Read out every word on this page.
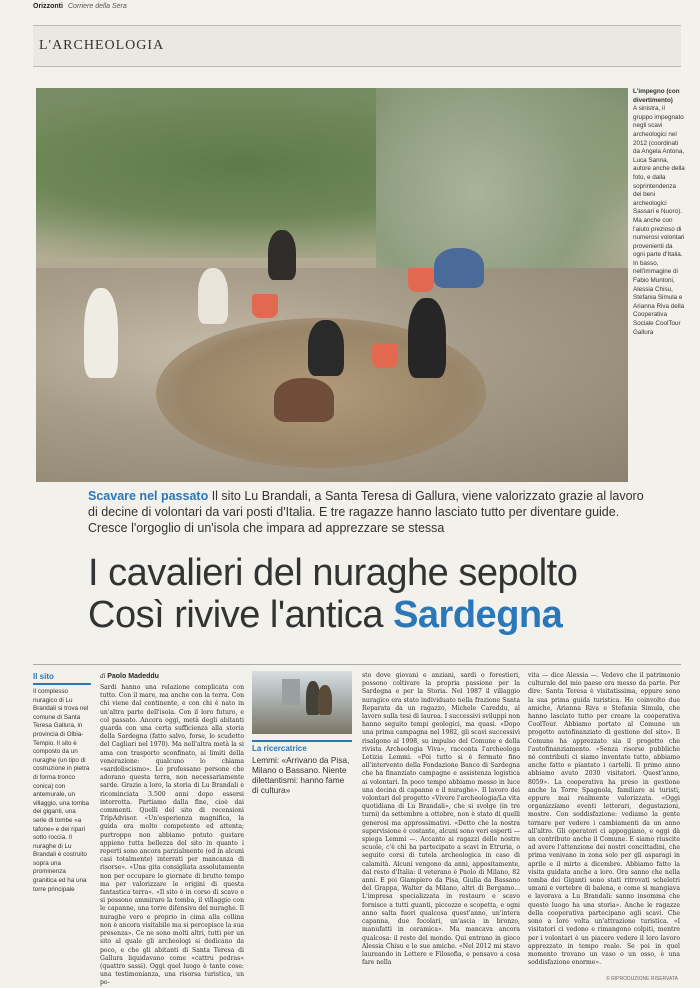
Orizzonti Corriere della Sera
L'ARCHEOLOGIA
L'impegno (con divertimento)
A sinistra, il gruppo impegnato negli scavi archeologici nel 2012 (coordinati da Angela Antona, Luca Sanna, autore anche della foto, e dalla soprintendenza dei beni archeologici Sassari e Nuoro). Ma anche con l'aiuto prezioso di numerosi volontari provenienti da ogni parte d'Italia. In basso, nell'immagine di Fabio Muntoni, Alessia Chisu, Stefania Simula e Arianna Riva della Cooperativa Sociale CoolTour Gallura
Scavare nel passato Il sito Lu Brandali, a Santa Teresa di Gallura, viene valorizzato grazie al lavoro di decine di volontari da vari posti d'Italia. E tre ragazze hanno lasciato tutto per diventare guide. Cresce l'orgoglio di un'isola che impara ad apprezzare se stessa
I cavalieri del nuraghe sepolto
Così rivive l'antica Sardegna
Il sito
Il complesso nuragico di Lu Brandali si trova nel comune di Santa Teresa Gallura, in provincia di Olbia-Tempio. Il sito è composto da un nuraghe (un tipo di costruzione in pietra di forma tronco conica) con antemurale, un villaggio, una tomba dei giganti, una serie di tombe «a tafone» e dei ripari sotto roccia. Il nuraghe di Lu Brandali è costruito sopra una prominenza granitica ed ha una torre principale
di Paolo Madeddu
Sardi hanno una relazione complicata con tutto. Con il mare, ma anche con la terra. Con chi viene dal continente, e con chi è nato in un'altra parte dell'isola. Con il loro futuro, e col passato. Ancora oggi, metà degli abitanti guarda con una certa sufficienza alla storia della Sardegna (fatto salvo, forse, lo scudetto del Cagliari nel 1970). Ma nell'altra metà la si ama con trasporto sconfinato, ai limiti della venerazione: qualcuno lo chiama «sardoliscismo». Lo professano persone che adorano questa terra, non necessariamente sarde. Grazie a loro, la storia di Lu Brandali è ricominciata 3.500 anni dopo essersi interrotta. Partiamo dalla fine, cioè dai commenti. Quelli del sito di recensioni TripAdvisor. «Un'esperienza magnifica, la guida era molto competente ed attenta; purtroppo non abbiamo potuto gustare appieno tutta bellezza del sito in quanto i reperti sono ancora parzialmente (ed in alcuni casi totalmente) interrati per mancanza di risorse». «Una gita consigliata assolutamente non per occupare le giornate di brutto tempo ma per valorizzare le origini di questa fantastica terra». «Il sito è in corso di scavo e si possono ammirare la tomba, il villaggio con le capanne, una torre difensiva del nuraghe. Il nuraghe vero e proprio in cima alla collina non è ancora visitabile ma si percepisce la sua presenza». Ce ne sono molti altri, tutti per un sito al quale gli archeologi si dedicano da poco, e che gli abitanti di Santa Teresa di Gallura liquidavano come «cattru pedras» (quattro sassi). Oggi quel luogo è tante cose: una testimonianza, una risorsa turistica, un po-
La ricercatrice
Lemmi: «Arrivano da Pisa, Milano o Bassano. Niente dilettantismi: hanno fame di cultura»
sto dove giovani e anziani, sardi o forestieri, possono coltivare la propria passione per la Sardegna e per la Storia. Nel 1987 il villaggio nuragico era stato individuato nella frazione Santa Reparata da un ragazzo, Michele Careddu, al lavoro sulla tesi di laurea. I successivi sviluppi non hanno seguito tempi geologici, ma quasi. «Dopo una prima campagna nel 1982, gli scavi successivi risalgono al 1998, su impulso del Comune e della rivista Archeologia Viva», racconta l'archeologa Letizia Lemmi. «Poi tutto si è fermato fino all'intervento della Fondazione Banco di Sardegna che ha finanziato campagne e assistenza logistica ai volontari. In poco tempo abbiamo messo in luce una decina di capanne e il nuraghe». Il lavoro dei volontari del progetto «Vivere l'archeologia/La vita quotidiana di Lu Brandali», che si svolge (in tre turni) da settembre a ottobre, non è stato di quelli generosi ma approssimativi. «Detto che la nostra supervisione è costante, alcuni sono veri esperti — spiega Lemmi —. Accanto ai ragazzi delle nostre scuole, c'è chi ha partecipato a scavi in Etruria, o seguito corsi di tutela archeologica in caso di calamità. Alcuni vengono da anni, appositamente, dal resto d'Italia: il veterano è Paolo di Milano, 82 anni. E poi Giampiero da Pisa, Giulia da Bassano del Grappa, Walter da Milano, altri di Bergamo... L'impresa specializzata in restauro e scavo fornisce a tutti guanti, piccozze e scopetta, e ogni anno salta fuori qualcosa quest'anno, un'intera capanna, due focolari, un'ascia in bronzo, manufatti in ceramica». Ma mancava ancora qualcosa: il resto del mondo. Qui entrano in gioco Alessia Chisu e le sue amiche. «Nel 2012 mi stavo laureando in Lettere e Filosofia, e pensavo a cosa fare nella
vita — dice Alessia —. Vedevo che il patrimonio culturale del mio paese era messo da parte. Per dire: Santa Teresa è visitatissima, eppure sono la sua prima guida turistica. Ho coinvolto due amiche, Arianna Riva e Stefania Simula, che hanno lasciato tutto per creare la cooperativa CoolTour. Abbiamo portato al Comune un progetto autofinanziato di gestione del sito». Il Comune ha apprezzato sia il progetto che l'autofinanziamento. «Senza risorse pubbliche né contributi ci siamo inventate tutto, abbiamo anche fatto e piantato i cartelli. Il primo anno abbiamo avuto 2030 visitatori. Quest'anno, 8059». La cooperativa ha preso in gestione anche la Torre Spagnola, familiare ai turisti, eppure mai realmente valorizzata. «Oggi organizziamo eventi letterari, degustazioni, mostre. Con soddisfazione: vediamo la gente tornare per vedere i cambiamenti da un anno all'altro. Gli operatori ci appoggiano, e oggi dà un contributo anche il Comune. E siamo riuscite ad avere l'attenzione dei nostri concittadini, che prima venivano in zona solo per gli asparagi in aprile e il mirto a dicembre. Abbiamo fatto la visita guidata anche a loro. Ora sanno che nella tomba dei Giganti sono stati ritrovati scheletri umani e vertebre di balena, e come si mangiava e lavorava a Lu Brandali: sanno insomma che questo luogo ha una storia». Anche le ragazze della cooperativa partecipano agli scavi. Che sono a loro volta un'attrazione turistica. «I visitatori ci vedono e rimangono colpiti, mentre per i volontari è un piacere vedere il loro lavoro apprezzato in tempo reale. Se poi in quel momento trovano un vaso o un osso, è una soddisfazione enorme».
© RIPRODUZIONE RISERVATA
